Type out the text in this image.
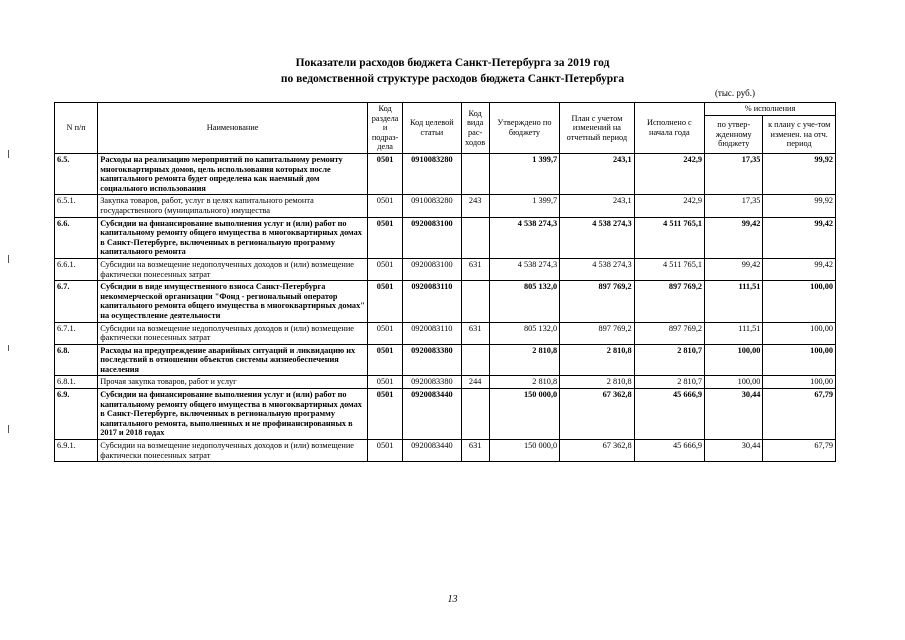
Показатели расходов бюджета Санкт-Петербурга за 2019 год
по ведомственной структуре расходов бюджета Санкт-Петербурга
(тыс. руб.)
N п/п	Наименование	Код раздела и подраз-дела	Код целевой статьи	Код вида рас-ходов	Утверждено по бюджету	План с учетом изменений на отчетный период	Исполнено с начала года	% исполнения	
								по утвер-жденному бюджету	к плану с уче-том изменен. на отч. период
6.5.	Расходы на реализацию мероприятий по капитальному ремонту многоквартирных домов, цель использования которых после капитального ремонта будет определена как наемный дом социального использования	0501	0910083280		1 399,7	243,1	242,9	17,35	99,92
6.5.1.	Закупка товаров, работ, услуг в целях капитального ремонта государственного (муниципального) имущества	0501	0910083280	243	1 399,7	243,1	242,9	17,35	99,92
6.6.	Субсидии на финансирование выполнения услуг и (или) работ по капитальному ремонту общего имущества в многоквартирных домах в Санкт-Петербурге, включенных в региональную программу капитального ремонта	0501	0920083100		4 538 274,3	4 538 274,3	4 511 765,1	99,42	99,42
6.6.1.	Субсидии на возмещение недополученных доходов и (или) возмещение фактически понесенных затрат	0501	0920083100	631	4 538 274,3	4 538 274,3	4 511 765,1	99,42	99,42
6.7.	Субсидии в виде имущественного взноса Санкт-Петербурга некоммерческой организации "Фонд - региональный оператор капитального ремонта общего имущества в многоквартирных домах" на осуществление деятельности	0501	0920083110		805 132,0	897 769,2	897 769,2	111,51	100,00
6.7.1.	Субсидии на возмещение недополученных доходов и (или) возмещение фактически понесенных затрат	0501	0920083110	631	805 132,0	897 769,2	897 769,2	111,51	100,00
6.8.	Расходы на предупреждение аварийных ситуаций и ликвидацию их последствий в отношении объектов системы жизнеобеспечения населения	0501	0920083380		2 810,8	2 810,8	2 810,7	100,00	100,00
6.8.1.	Прочая закупка товаров, работ и услуг	0501	0920083380	244	2 810,8	2 810,8	2 810,7	100,00	100,00
6.9.	Субсидии на финансирование выполнения услуг и (или) работ по капитальному ремонту общего имущества в многоквартирных домах в Санкт-Петербурге, включенных в региональную программу капитального ремонта, выполненных и не профинансированных в 2017 и 2018 годах	0501	0920083440		150 000,0	67 362,8	45 666,9	30,44	67,79
6.9.1.	Субсидии на возмещение недополученных доходов и (или) возмещение фактически понесенных затрат	0501	0920083440	631	150 000,0	67 362,8	45 666,9	30,44	67,79
13
